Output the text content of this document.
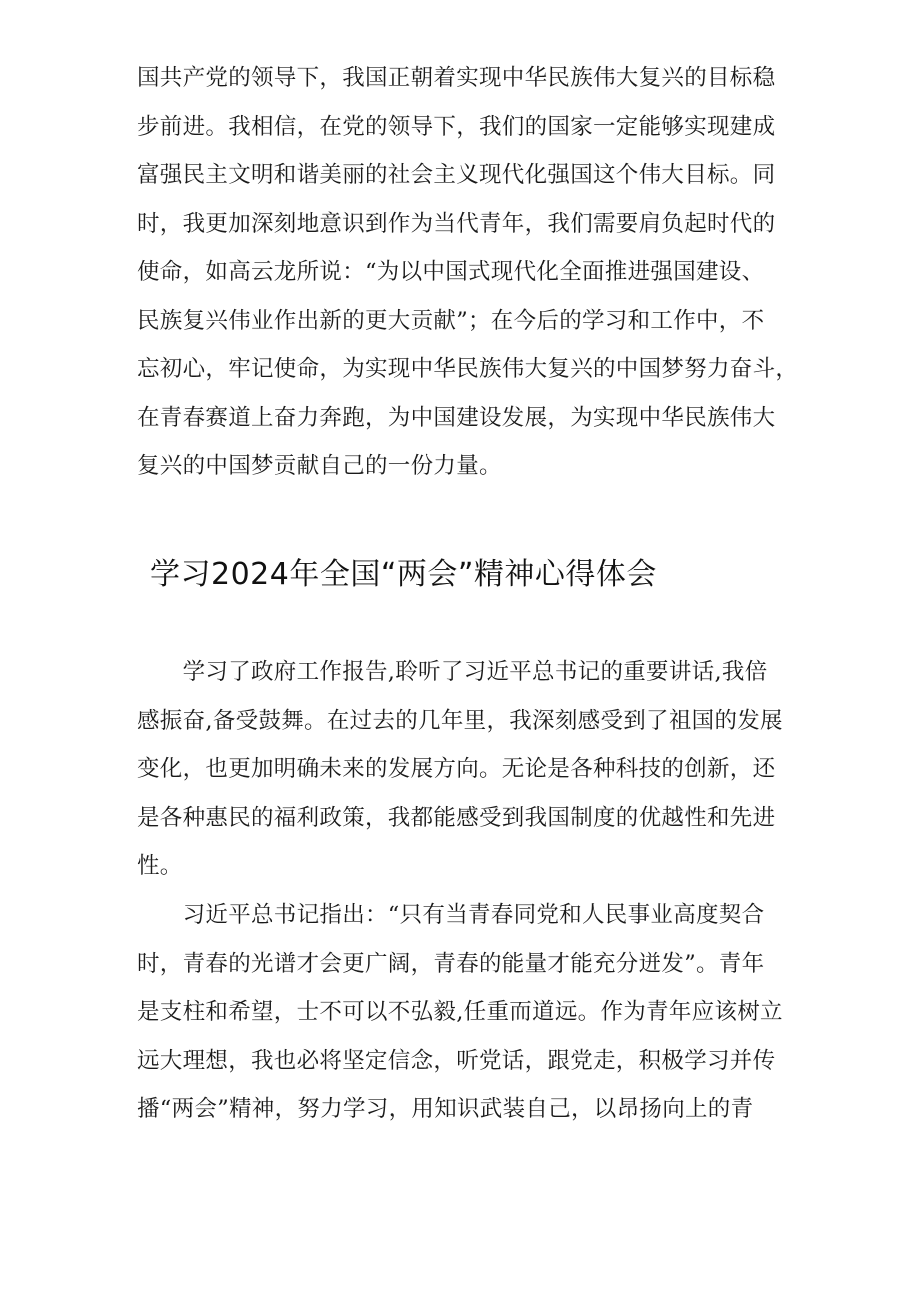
国共产党的领导下，我国正朝着实现中华民族伟大复兴的目标稳
步前进。我相信，在党的领导下，我们的国家一定能够实现建成
富强民主文明和谐美丽的社会主义现代化强国这个伟大目标。同
时，我更加深刻地意识到作为当代青年，我们需要肩负起时代的
使命，如高云龙所说：“为以中国式现代化全面推进强国建设、
民族复兴伟业作出新的更大贡献”；在今后的学习和工作中，不
忘初心，牢记使命，为实现中华民族伟大复兴的中国梦努力奋斗，
在青春赛道上奋力奔跑，为中国建设发展，为实现中华民族伟大
复兴的中国梦贡献自己的一份力量。
学习2024年全国“两会”精神心得体会
　　学习了政府工作报告,聆听了习近平总书记的重要讲话,我倍
感振奋,备受鼓舞。在过去的几年里，我深刻感受到了祖国的发展
变化，也更加明确未来的发展方向。无论是各种科技的创新，还
是各种惠民的福利政策，我都能感受到我国制度的优越性和先进
性。
　　习近平总书记指出：“只有当青春同党和人民事业高度契合
时，青春的光谱才会更广阔，青春的能量才能充分迸发”。青年
是支柱和希望，士不可以不弘毅,任重而道远。作为青年应该树立
远大理想，我也必将坚定信念，听党话，跟党走，积极学习并传
播“两会”精神，努力学习，用知识武装自己，以昂扬向上的青
